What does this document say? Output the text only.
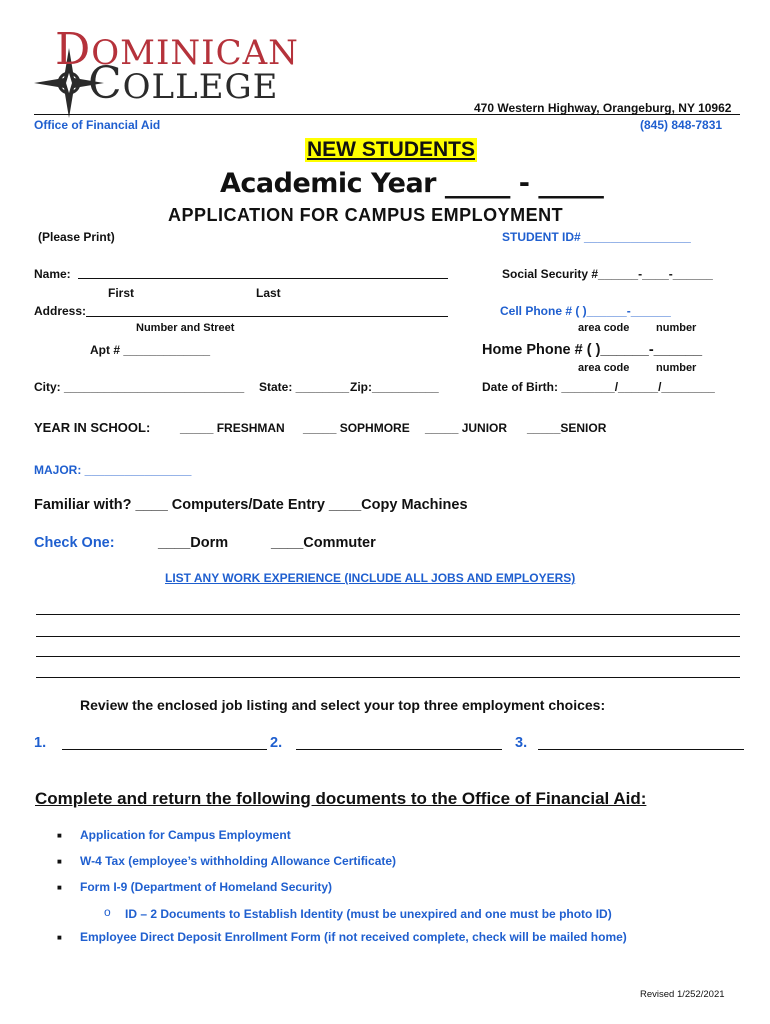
DOMINICAN
COLLEGE
470 Western Highway, Orangeburg, NY 10962
Office of Financial Aid	(845) 848-7831
NEW STUDENTS
Academic Year _____ - _____
APPLICATION FOR CAMPUS EMPLOYMENT
(Please Print)	STUDENT ID# ________________
Name:	Social Security #______-____-______
First	Last
Address:	Cell Phone # ( )______-______
Number and Street	area code number
Apt # _____________	Home Phone # ( )______-______
area code number
City: ___________________________ State: ________ Zip:__________	Date of Birth: ________/______/________
YEAR IN SCHOOL: _____ FRESHMAN _____ SOPHMORE _____ JUNIOR _____SENIOR
MAJOR: ________________
Familiar with? ____ Computers/Date Entry ____Copy Machines
Check One:	____Dorm	____Commuter
LIST ANY WORK EXPERIENCE (INCLUDE ALL JOBS AND EMPLOYERS)
Review the enclosed job listing and select your top three employment choices:
1.	2.	3.
Complete and return the following documents to the Office of Financial Aid:
■ Application for Campus Employment
■ W-4 Tax (employee’s withholding Allowance Certificate)
■ Form I-9 (Department of Homeland Security)
o ID – 2 Documents to Establish Identity (must be unexpired and one must be photo ID)
■ Employee Direct Deposit Enrollment Form (if not received complete, check will be mailed home)
Revised 1/252/2021
